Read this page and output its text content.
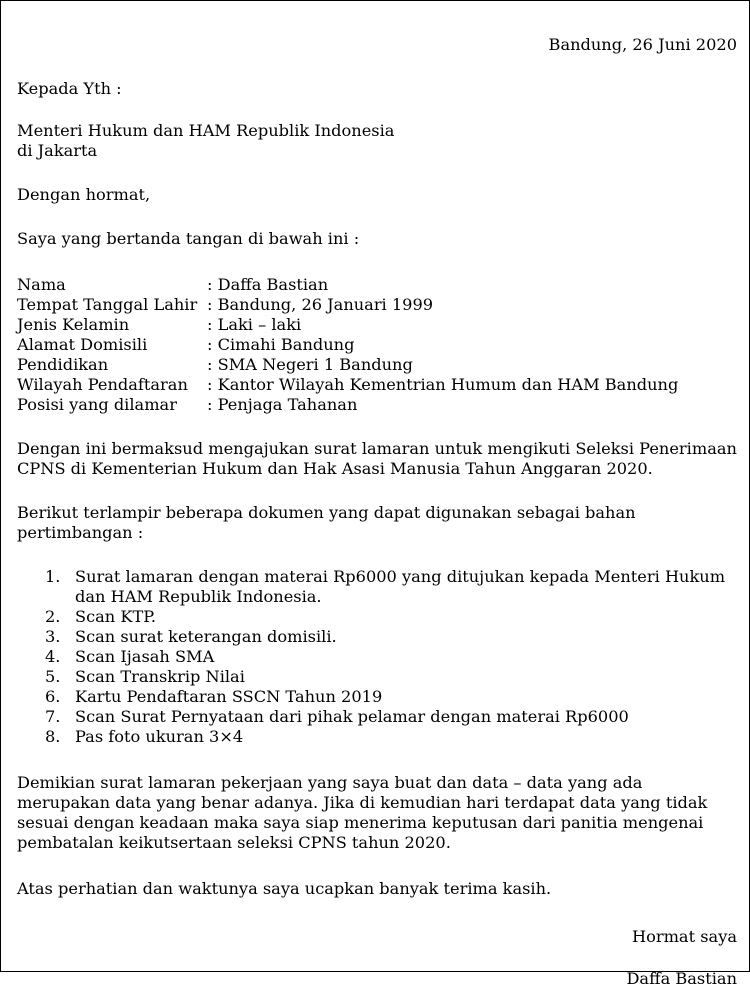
Bandung, 26 Juni 2020

Kepada Yth :

Menteri Hukum dan HAM Republik Indonesia

di Jakarta

Dengan hormat,

Saya yang bertanda tangan di bawah ini :

Nama	: Daffa Bastian
Tempat Tanggal Lahir : Bandung, 26 Januari 1999
Jenis Kelamin	: Laki – laki
Alamat Domisili	: Cimahi Bandung
Pendidikan	: SMA Negeri 1 Bandung
Wilayah Pendaftaran	: Kantor Wilayah Kementrian Humum dan HAM Bandung
Posisi yang dilamar	: Penjaga Tahanan

Dengan ini bermaksud mengajukan surat lamaran untuk mengikuti Seleksi Penerimaan CPNS di Kementerian Hukum dan Hak Asasi Manusia Tahun Anggaran 2020.

Berikut terlampir beberapa dokumen yang dapat digunakan sebagai bahan pertimbangan :

1. Surat lamaran dengan materai Rp6000 yang ditujukan kepada Menteri Hukum dan HAM Republik Indonesia.
2. Scan KTP.
3. Scan surat keterangan domisili.
4. Scan Ijasah SMA
5. Scan Transkrip Nilai
6. Kartu Pendaftaran SSCN Tahun 2019
7. Scan Surat Pernyataan dari pihak pelamar dengan materai Rp6000
8. Pas foto ukuran 3×4

Demikian surat lamaran pekerjaan yang saya buat dan data – data yang ada merupakan data yang benar adanya. Jika di kemudian hari terdapat data yang tidak sesuai dengan keadaan maka saya siap menerima keputusan dari panitia mengenai pembatalan keikutsertaan seleksi CPNS tahun 2020.

Atas perhatian dan waktunya saya ucapkan banyak terima kasih.

Hormat saya

Daffa Bastian
